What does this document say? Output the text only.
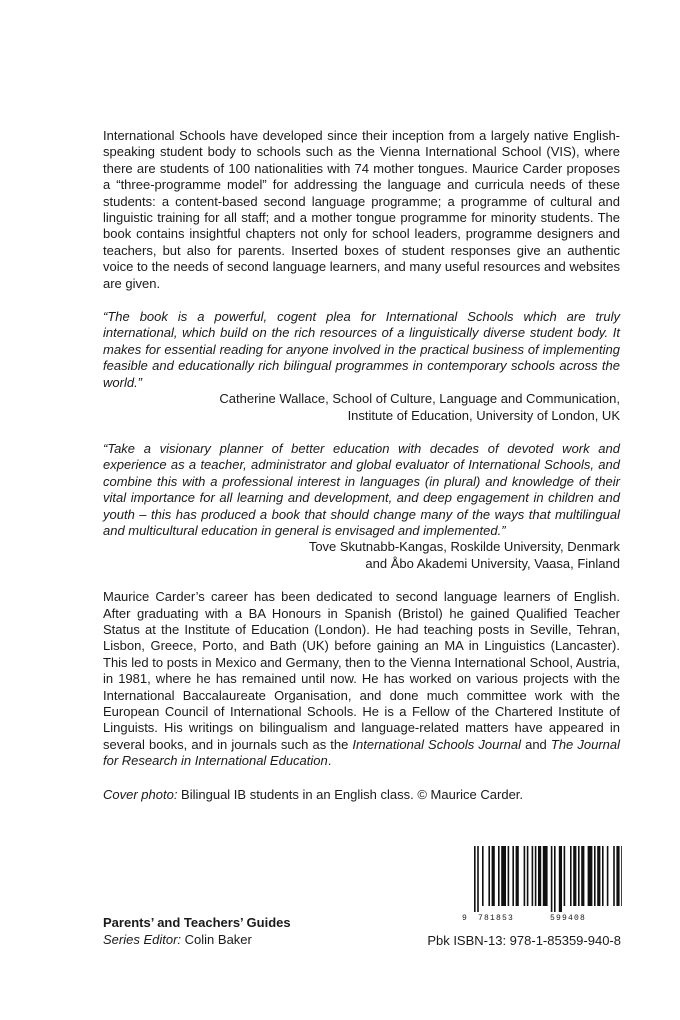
International Schools have developed since their inception from a largely native English-speaking student body to schools such as the Vienna International School (VIS), where there are students of 100 nationalities with 74 mother tongues. Maurice Carder proposes a “three-programme model” for addressing the language and curricula needs of these students: a content-based second language programme; a programme of cultural and linguistic training for all staff; and a mother tongue programme for minority students. The book contains insightful chapters not only for school leaders, programme designers and teachers, but also for parents. Inserted boxes of student responses give an authentic voice to the needs of second language learners, and many useful resources and websites are given.

“The book is a powerful, cogent plea for International Schools which are truly international, which build on the rich resources of a linguistically diverse student body. It makes for essential reading for anyone involved in the practical business of implementing feasible and educationally rich bilingual programmes in contemporary schools across the world.”

Catherine Wallace, School of Culture, Language and Communication,

Institute of Education, University of London, UK

“Take a visionary planner of better education with decades of devoted work and experience as a teacher, administrator and global evaluator of International Schools, and combine this with a professional interest in languages (in plural) and knowledge of their vital importance for all learning and development, and deep engagement in children and youth – this has produced a book that should change many of the ways that multilingual and multicultural education in general is envisaged and implemented.”

Tove Skutnabb-Kangas, Roskilde University, Denmark

and Åbo Akademi University, Vaasa, Finland

Maurice Carder’s career has been dedicated to second language learners of English. After graduating with a BA Honours in Spanish (Bristol) he gained Qualified Teacher Status at the Institute of Education (London). He had teaching posts in Seville, Tehran, Lisbon, Greece, Porto, and Bath (UK) before gaining an MA in Linguistics (Lancaster). This led to posts in Mexico and Germany, then to the Vienna International School, Austria, in 1981, where he has remained until now. He has worked on various projects with the International Baccalaureate Organisation, and done much committee work with the European Council of International Schools. He is a Fellow of the Chartered Institute of Linguists. His writings on bilingualism and language-related matters have appeared in several books, and in journals such as the International Schools Journal and The Journal for Research in International Education.

Cover photo: Bilingual IB students in an English class. © Maurice Carder.

Parents’ and Teachers’ Guides
Series Editor: Colin Baker
9 781853	599408
Pbk ISBN-13: 978-1-85359-940-8
